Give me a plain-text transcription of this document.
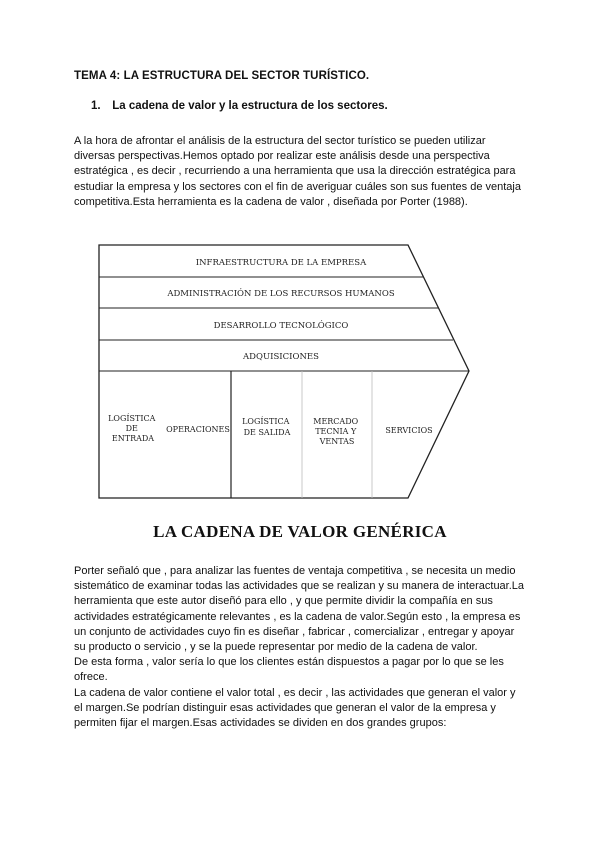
TEMA 4: LA ESTRUCTURA DEL SECTOR TURÍSTICO.
1. La cadena de valor y la estructura de los sectores.
A la hora de afrontar el análisis de la estructura del sector turístico se pueden utilizar
diversas perspectivas.Hemos optado por realizar este análisis desde una perspectiva
estratégica , es decir , recurriendo a una herramienta que usa la dirección estratégica para
estudiar la empresa y los sectores con el fin de averiguar cuáles son sus fuentes de ventaja
competitiva.Esta herramienta es la cadena de valor , diseñada por Porter (1988).
INFRAESTRUCTURA DE LA EMPRESA
ADMINISTRACIÓN DE LOS RECURSOS HUMANOS
DESARROLLO TECNOLÓGICO
ADQUISICIONES
LOGÍSTICA DE ENTRADA
OPERACIONES
LOGÍSTICA DE SALIDA
MERCADO TECNIA Y VENTAS
SERVICIOS
LA CADENA DE VALOR GENÉRICA
Porter señaló que , para analizar las fuentes de ventaja competitiva , se necesita un medio
sistemático de examinar todas las actividades que se realizan y su manera de interactuar.La
herramienta que este autor diseñó para ello , y que permite dividir la compañía en sus
actividades estratégicamente relevantes , es la cadena de valor.Según esto , la empresa es
un conjunto de actividades cuyo fin es diseñar , fabricar , comercializar , entregar y apoyar
su producto o servicio , y se la puede representar por medio de la cadena de valor.
De esta forma , valor sería lo que los clientes están dispuestos a pagar por lo que se les
ofrece.
La cadena de valor contiene el valor total , es decir , las actividades que generan el valor y
el margen.Se podrían distinguir esas actividades que generan el valor de la empresa y
permiten fijar el margen.Esas actividades se dividen en dos grandes grupos:
